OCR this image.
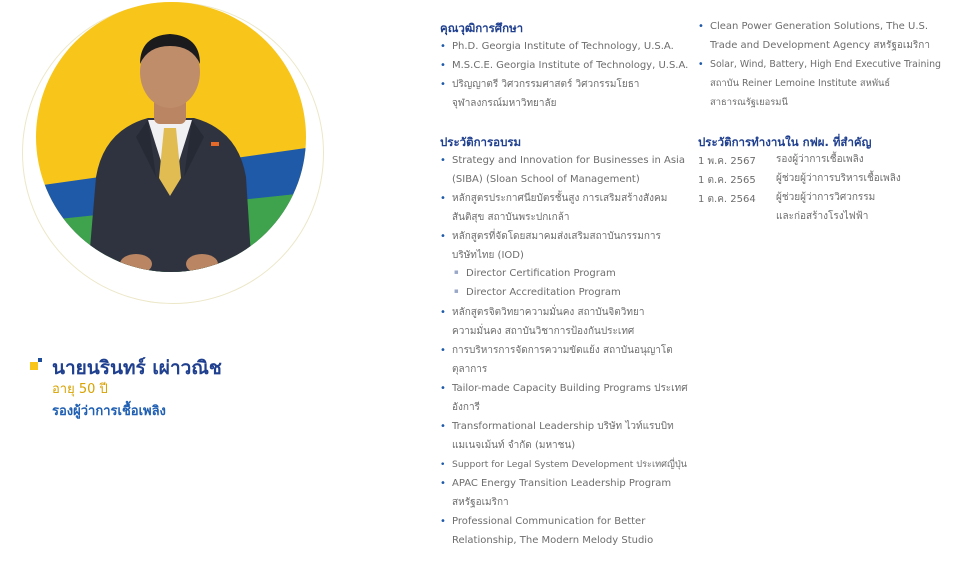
นายนรินทร์ เผ่าวณิช
อายุ 50 ปี
รองผู้ว่าการเชื้อเพลิง
คุณวุฒิการศึกษา
• Ph.D. Georgia Institute of Technology, U.S.A.
• M.S.C.E. Georgia Institute of Technology, U.S.A.
• ปริญญาตรี วิศวกรรมศาสตร์ วิศวกรรมโยธา
จุฬาลงกรณ์มหาวิทยาลัย
ประวัติการอบรม
• Strategy and Innovation for Businesses in Asia
(SIBA) (Sloan School of Management)
• หลักสูตรประกาศนียบัตรชั้นสูง การเสริมสร้างสังคม
สันติสุข สถาบันพระปกเกล้า
• หลักสูตรที่จัดโดยสมาคมส่งเสริมสถาบันกรรมการ
บริษัทไทย (IOD)
▪ Director Certification Program
▪ Director Accreditation Program
• หลักสูตรจิตวิทยาความมั่นคง สถาบันจิตวิทยา
ความมั่นคง สถาบันวิชาการป้องกันประเทศ
• การบริหารการจัดการความขัดแย้ง สถาบันอนุญาโต
ตุลาการ
• Tailor-made Capacity Building Programs ประเทศ
อังการี
• Transformational Leadership บริษัท ไวท์แรบบิท
แมเนจเม้นท์ จำกัด (มหาชน)
• Support for Legal System Development ประเทศญี่ปุ่น
• APAC Energy Transition Leadership Program
สหรัฐอเมริกา
• Professional Communication for Better
Relationship, The Modern Melody Studio
• Clean Power Generation Solutions, The U.S.
Trade and Development Agency สหรัฐอเมริกา
• Solar, Wind, Battery, High End Executive Training
สถาบัน Reiner Lemoine Institute สหพันธ์
สาธารณรัฐเยอรมนี
ประวัติการทำงานใน กฟผ. ที่สำคัญ
1 พ.ค. 2567 รองผู้ว่าการเชื้อเพลิง
1 ต.ค. 2565 ผู้ช่วยผู้ว่าการบริหารเชื้อเพลิง
1 ต.ค. 2564 ผู้ช่วยผู้ว่าการวิศวกรรม
และก่อสร้างโรงไฟฟ้า
